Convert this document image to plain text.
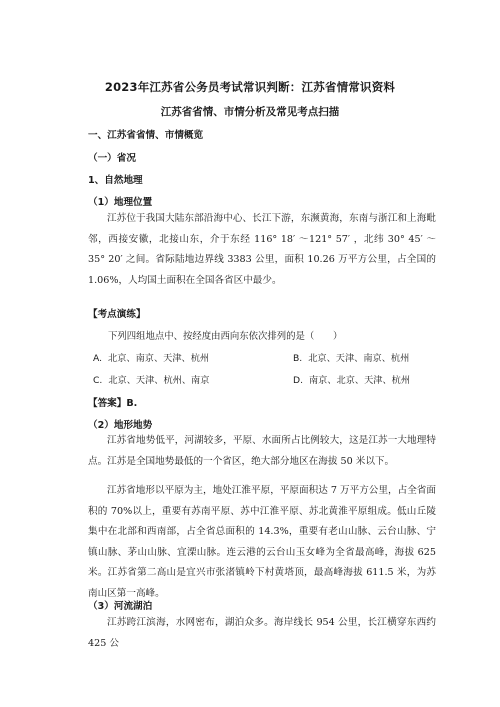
2023年江苏省公务员考试常识判断：江苏省情常识资料
江苏省省情、市情分析及常见考点扫描
一、江苏省省情、市情概览
（一）省况
1、自然地理
（1）地理位置
江苏位于我国大陆东部沿海中心、长江下游，东濒黄海，东南与浙江和上海毗邻，西接安徽，北接山东，介于东经 116° 18′ ～121° 57′ ，北纬 30° 45′ ～35° 20′ 之间。省际陆地边界线 3383 公里，面积 10.26 万平方公里，占全国的 1.06%，人均国土面积在全国各省区中最少。
【考点演练】
下列四组地点中、按经度由西向东依次排列的是（　　）
A. 北京、南京、天津、杭州	B. 北京、天津、南京、杭州
C. 北京、天津、杭州、南京	D. 南京、北京、天津、杭州
【答案】B.
（2）地形地势
江苏省地势低平，河湖较多，平原、水面所占比例较大，这是江苏一大地理特点。江苏是全国地势最低的一个省区，绝大部分地区在海拔 50 米以下。
江苏省地形以平原为主，地处江淮平原，平原面积达 7 万平方公里，占全省面积的 70%以上，重要有苏南平原、苏中江淮平原、苏北黄淮平原组成。低山丘陵集中在北部和西南部，占全省总面积的 14.3%，重要有老山山脉、云台山脉、宁镇山脉、茅山山脉、宜溧山脉。连云港的云台山玉女峰为全省最高峰，海拔 625 米。江苏省第二高山是宜兴市张渚镇岭下村黄塔顶，最高峰海拔 611.5 米，为苏南山区第一高峰。
（3）河流湖泊
江苏跨江滨海，水网密布，湖泊众多。海岸线长 954 公里，长江横穿东西约 425 公
